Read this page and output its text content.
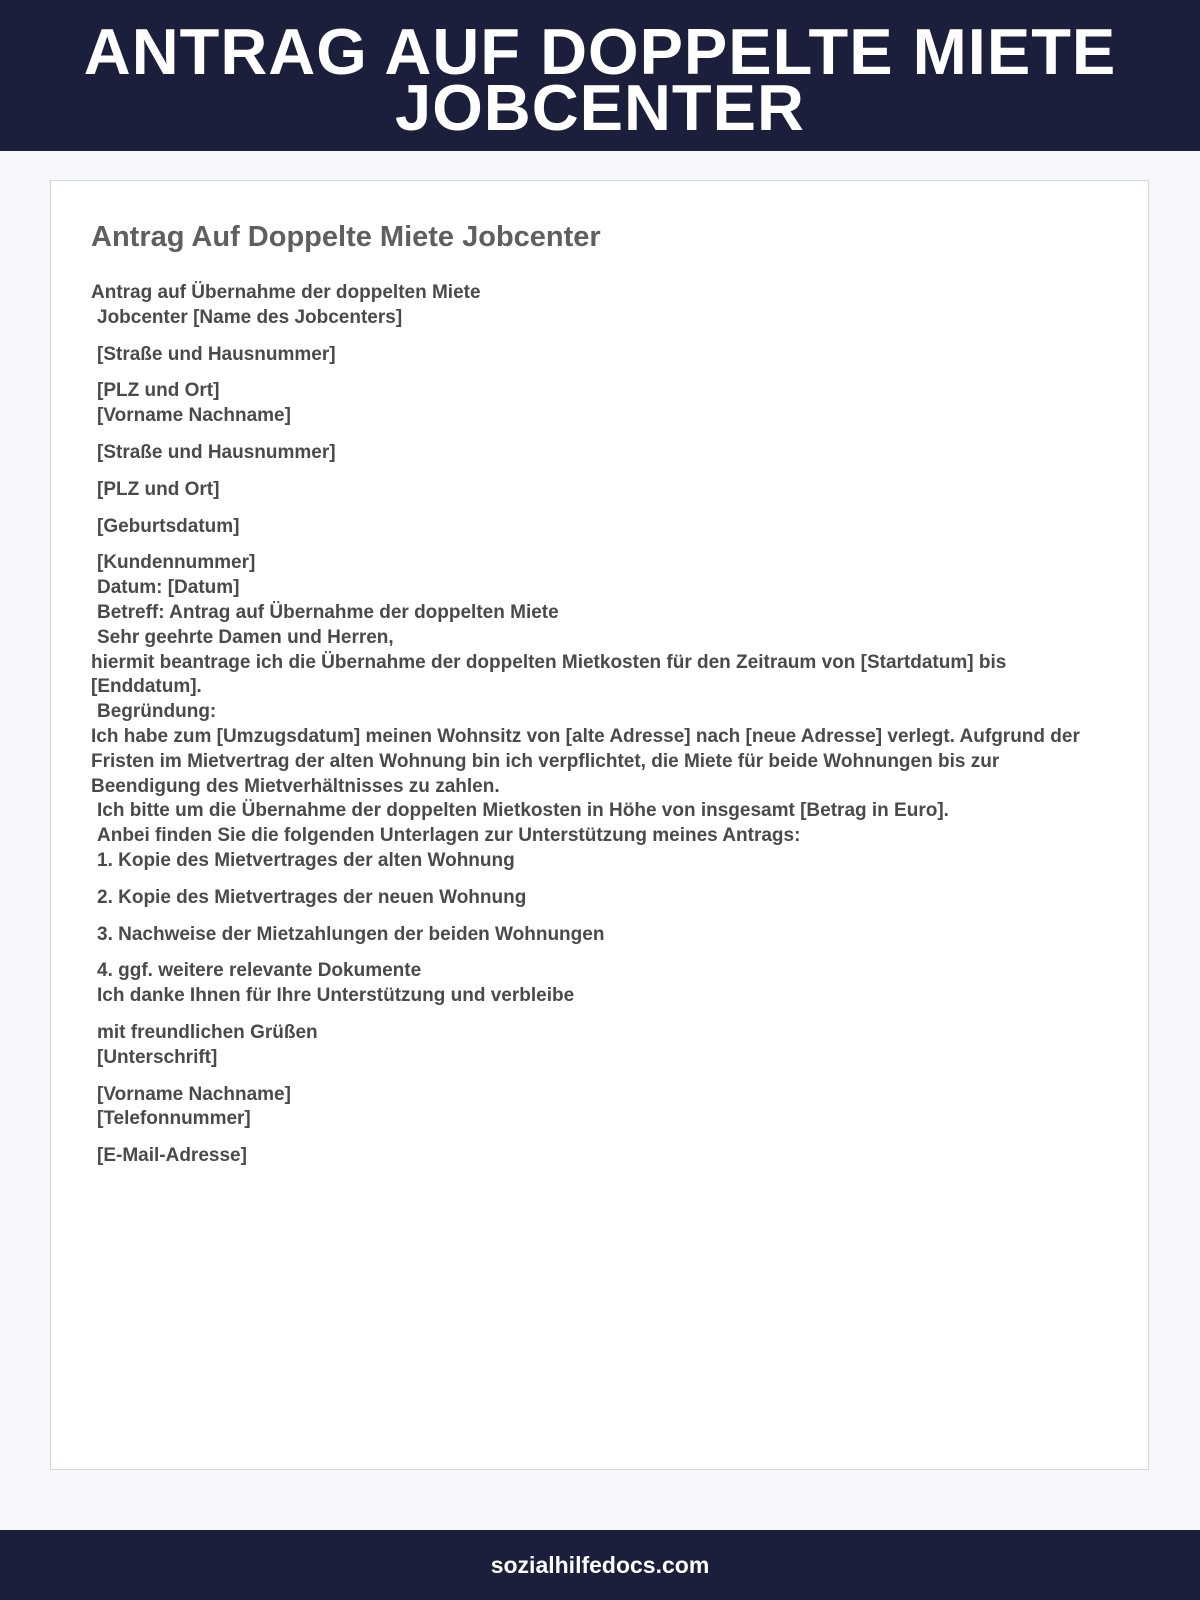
ANTRAG AUF DOPPELTE MIETE
JOBCENTER
Antrag Auf Doppelte Miete Jobcenter
Antrag auf Übernahme der doppelten Miete
Jobcenter [Name des Jobcenters]
[Straße und Hausnummer]
[PLZ und Ort]
[Vorname Nachname]
[Straße und Hausnummer]
[PLZ und Ort]
[Geburtsdatum]
[Kundennummer]
Datum: [Datum]
Betreff: Antrag auf Übernahme der doppelten Miete
Sehr geehrte Damen und Herren,
hiermit beantrage ich die Übernahme der doppelten Mietkosten für den Zeitraum von [Startdatum] bis [Enddatum].
Begründung:
Ich habe zum [Umzugsdatum] meinen Wohnsitz von [alte Adresse] nach [neue Adresse] verlegt. Aufgrund der Fristen im Mietvertrag der alten Wohnung bin ich verpflichtet, die Miete für beide Wohnungen bis zur Beendigung des Mietverhältnisses zu zahlen.
Ich bitte um die Übernahme der doppelten Mietkosten in Höhe von insgesamt [Betrag in Euro].
Anbei finden Sie die folgenden Unterlagen zur Unterstützung meines Antrags:
1. Kopie des Mietvertrages der alten Wohnung
2. Kopie des Mietvertrages der neuen Wohnung
3. Nachweise der Mietzahlungen der beiden Wohnungen
4. ggf. weitere relevante Dokumente
Ich danke Ihnen für Ihre Unterstützung und verbleibe
mit freundlichen Grüßen
[Unterschrift]
[Vorname Nachname]
[Telefonnummer]
[E-Mail-Adresse]
sozialhilfedocs.com
